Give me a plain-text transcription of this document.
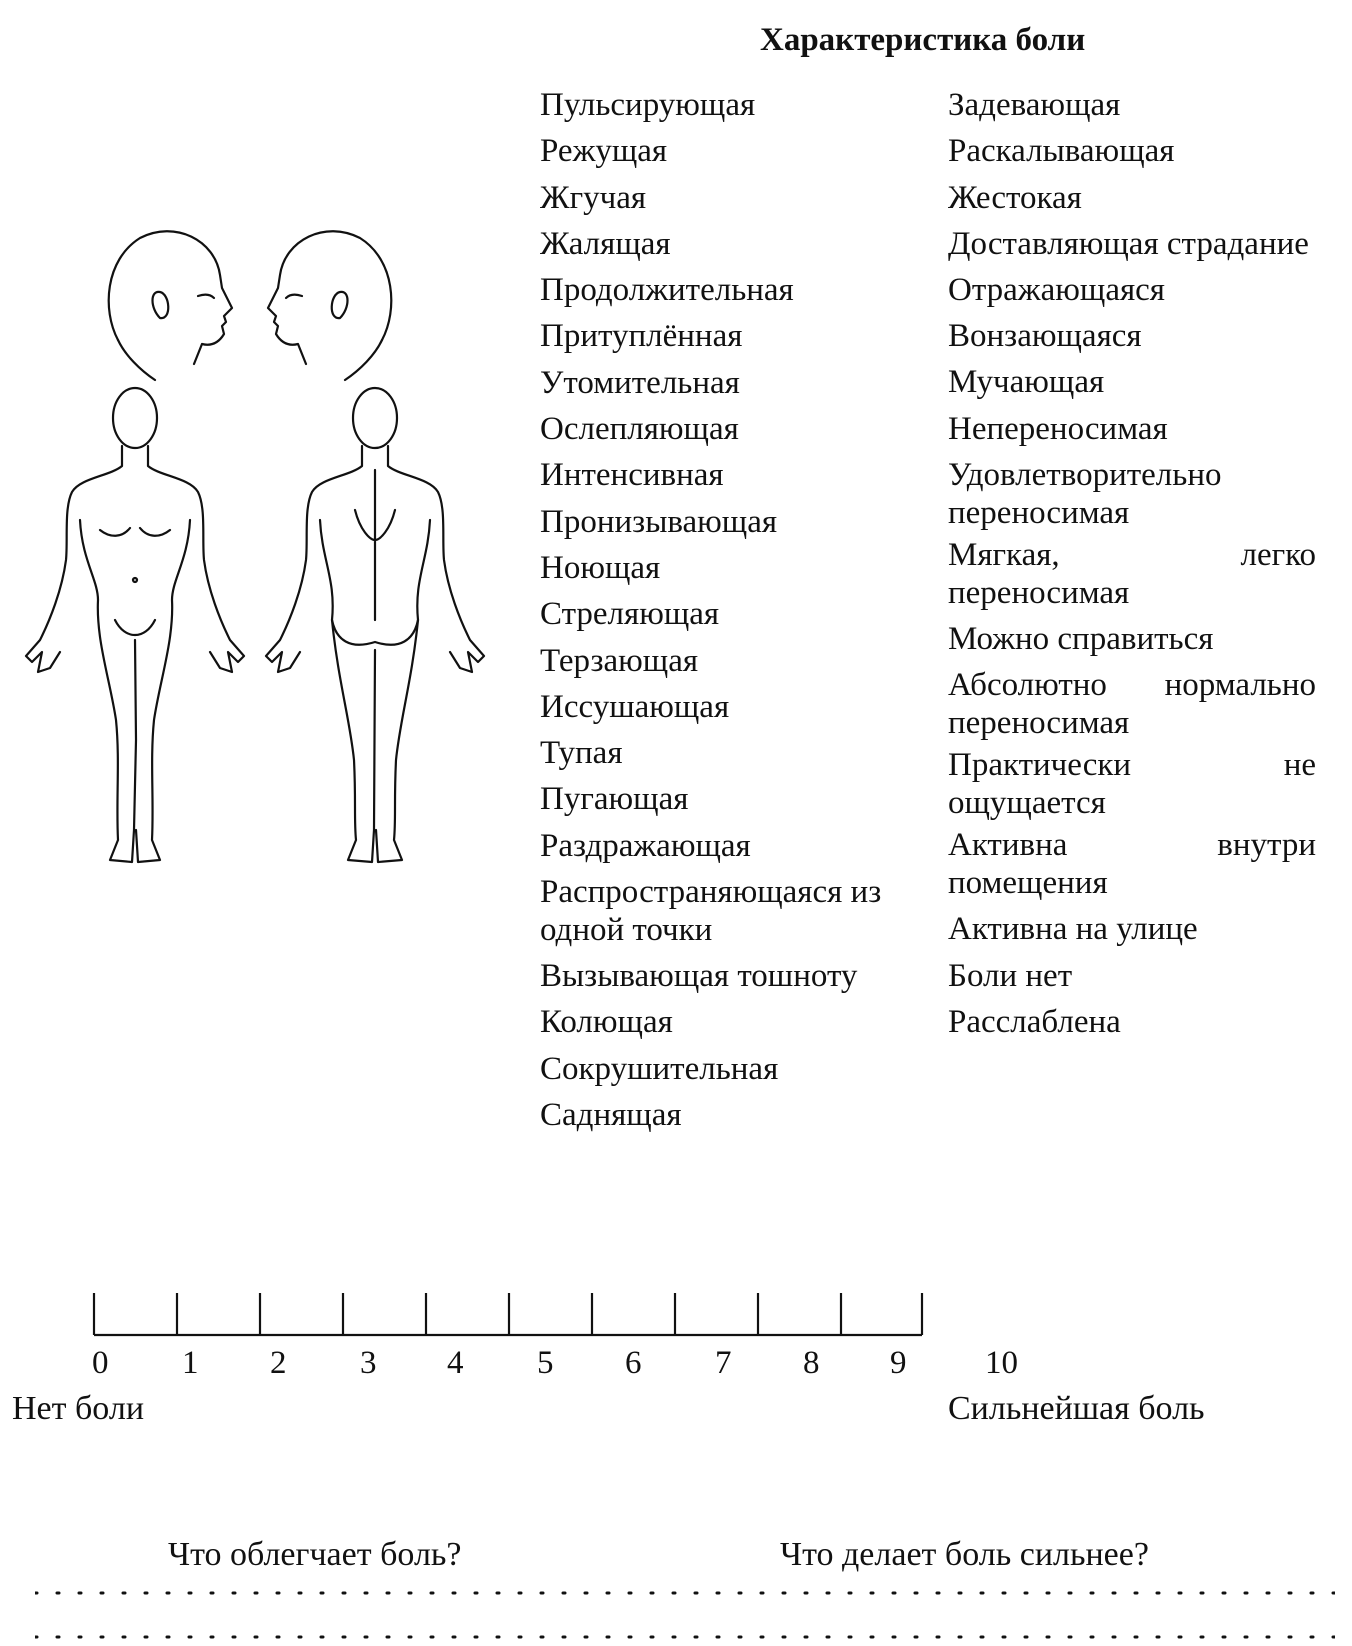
Характеристика боли
Пульсирующая
Режущая
Жгучая
Жалящая
Продолжительная
Притуплённая
Утомительная
Ослепляющая
Интенсивная
Пронизывающая
Ноющая
Стреляющая
Терзающая
Иссушающая
Тупая
Пугающая
Раздражающая
Распространяющаяся из одной точки
Вызывающая тошноту
Колющая
Сокрушительная
Саднящая
Задевающая
Раскалывающая
Жестокая
Доставляющая страдание
Отражающаяся
Вонзающаяся
Мучающая
Непереносимая
Удовлетворительно переносимая
Мягкая, легко переносимая
Можно справиться
Абсолютно нормально переносимая
Практически не ощущается
Активна внутри помещения
Активна на улице
Боли нет
Расслаблена
0 1 2 3 4 5 6 7 8 9 10
Нет боли	Сильнейшая боль
Что облегчает боль?	Что делает боль сильнее?
